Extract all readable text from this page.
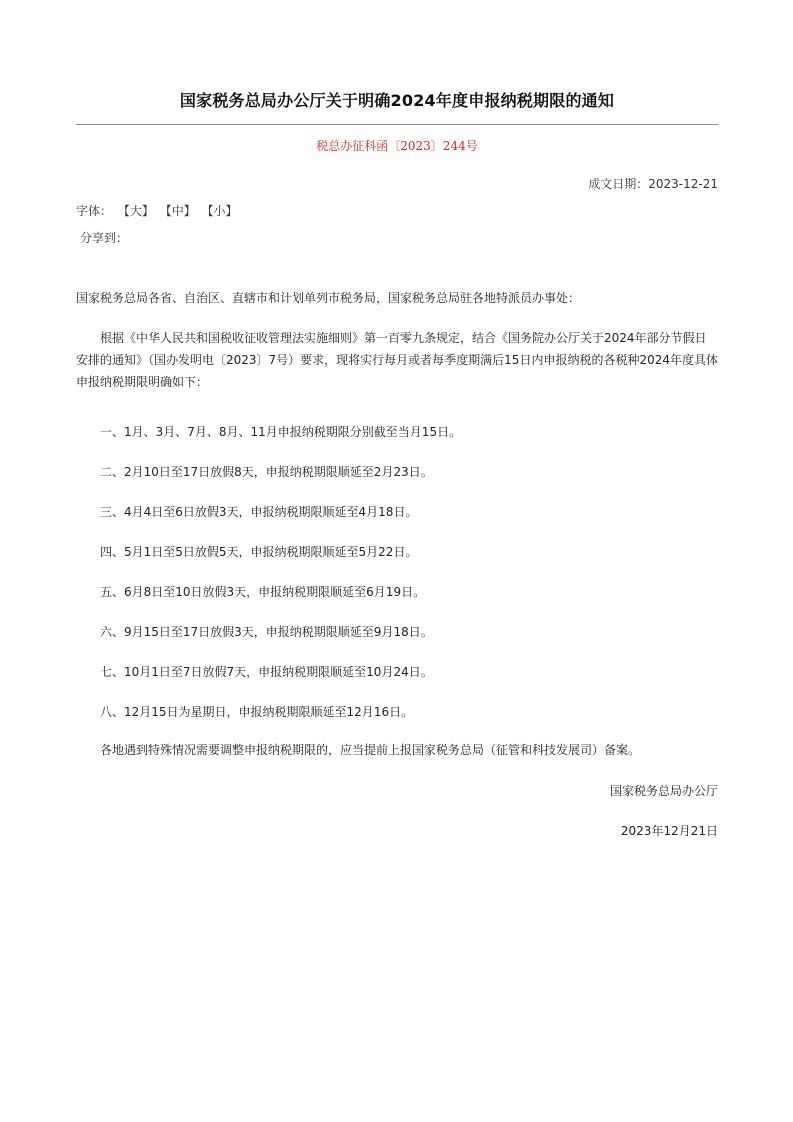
国家税务总局办公厅关于明确2024年度申报纳税期限的通知
税总办征科函〔2023〕244号
成文日期：2023-12-21
字体： 【大】 【中】 【小】
分享到：
国家税务总局各省、自治区、直辖市和计划单列市税务局，国家税务总局驻各地特派员办事处：
根据《中华人民共和国税收征收管理法实施细则》第一百零九条规定，结合《国务院办公厅关于2024年部分节假日安排的通知》（国办发明电〔2023〕7号）要求，现将实行每月或者每季度期满后15日内申报纳税的各税种2024年度具体申报纳税期限明确如下：
一、1月、3月、7月、8月、11月申报纳税期限分别截至当月15日。
二、2月10日至17日放假8天，申报纳税期限顺延至2月23日。
三、4月4日至6日放假3天，申报纳税期限顺延至4月18日。
四、5月1日至5日放假5天，申报纳税期限顺延至5月22日。
五、6月8日至10日放假3天，申报纳税期限顺延至6月19日。
六、9月15日至17日放假3天，申报纳税期限顺延至9月18日。
七、10月1日至7日放假7天，申报纳税期限顺延至10月24日。
八、12月15日为星期日，申报纳税期限顺延至12月16日。
各地遇到特殊情况需要调整申报纳税期限的，应当提前上报国家税务总局（征管和科技发展司）备案。
国家税务总局办公厅
2023年12月21日
